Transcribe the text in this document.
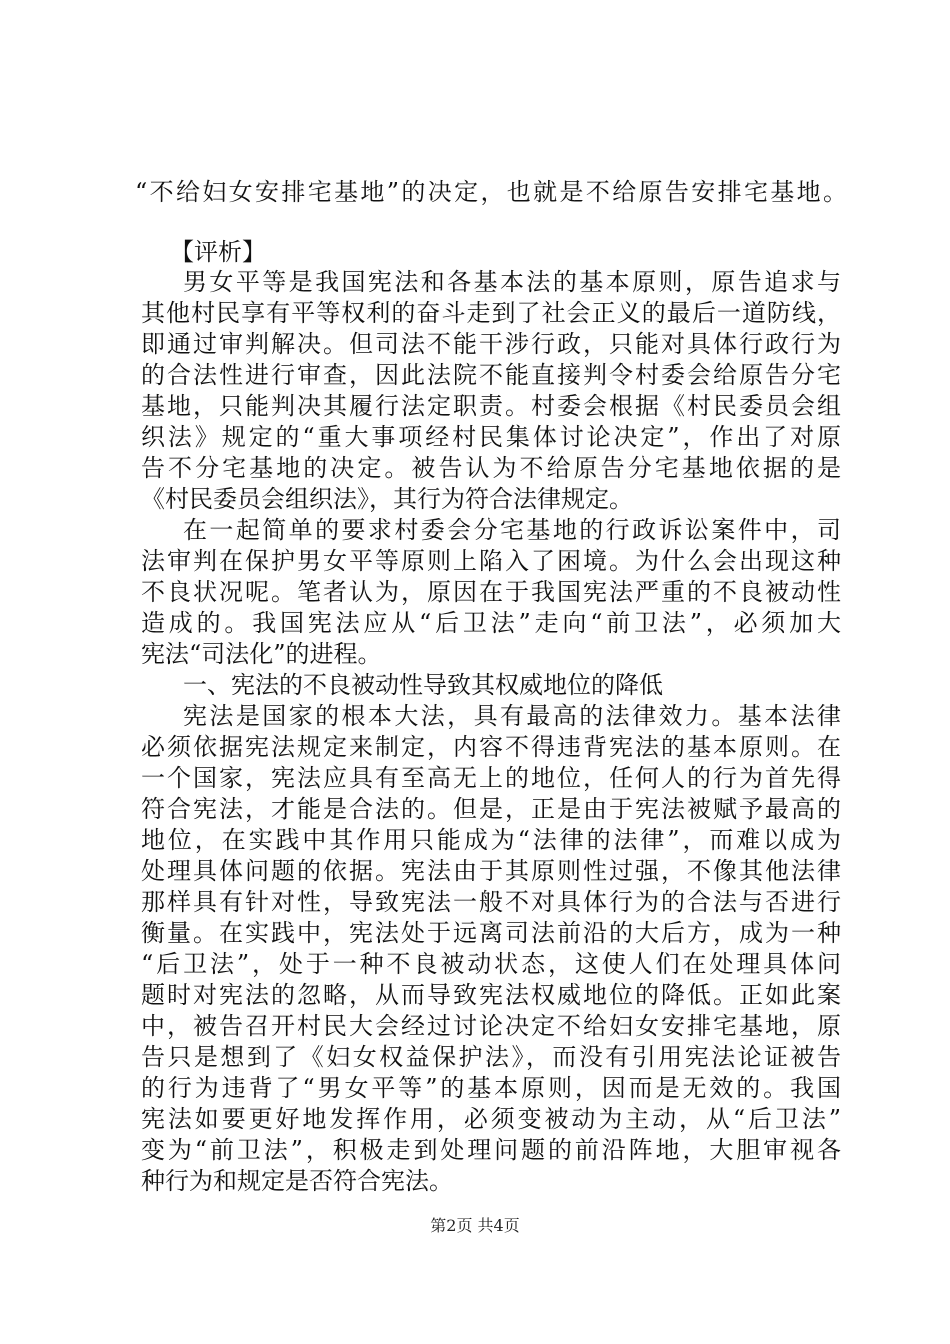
“不给妇女安排宅基地”的决定，也就是不给原告安排宅基地。
【评析】
男女平等是我国宪法和各基本法的基本原则，原告追求与
其他村民享有平等权利的奋斗走到了社会正义的最后一道防线，
即通过审判解决。但司法不能干涉行政，只能对具体行政行为
的合法性进行审查，因此法院不能直接判令村委会给原告分宅
基地，只能判决其履行法定职责。村委会根据《村民委员会组
织法》规定的“重大事项经村民集体讨论决定”，作出了对原
告不分宅基地的决定。被告认为不给原告分宅基地依据的是
《村民委员会组织法》，其行为符合法律规定。
在一起简单的要求村委会分宅基地的行政诉讼案件中，司
法审判在保护男女平等原则上陷入了困境。为什么会出现这种
不良状况呢。笔者认为，原因在于我国宪法严重的不良被动性
造成的。我国宪法应从“后卫法”走向“前卫法”，必须加大
宪法“司法化”的进程。
一、宪法的不良被动性导致其权威地位的降低
宪法是国家的根本大法，具有最高的法律效力。基本法律
必须依据宪法规定来制定，内容不得违背宪法的基本原则。在
一个国家，宪法应具有至高无上的地位，任何人的行为首先得
符合宪法，才能是合法的。但是，正是由于宪法被赋予最高的
地位，在实践中其作用只能成为“法律的法律”，而难以成为
处理具体问题的依据。宪法由于其原则性过强，不像其他法律
那样具有针对性，导致宪法一般不对具体行为的合法与否进行
衡量。在实践中，宪法处于远离司法前沿的大后方，成为一种
“后卫法”，处于一种不良被动状态，这使人们在处理具体问
题时对宪法的忽略，从而导致宪法权威地位的降低。正如此案
中，被告召开村民大会经过讨论决定不给妇女安排宅基地，原
告只是想到了《妇女权益保护法》，而没有引用宪法论证被告
的行为违背了“男女平等”的基本原则，因而是无效的。我国
宪法如要更好地发挥作用，必须变被动为主动，从“后卫法”
变为“前卫法”，积极走到处理问题的前沿阵地，大胆审视各
种行为和规定是否符合宪法。
第2页 共4页
